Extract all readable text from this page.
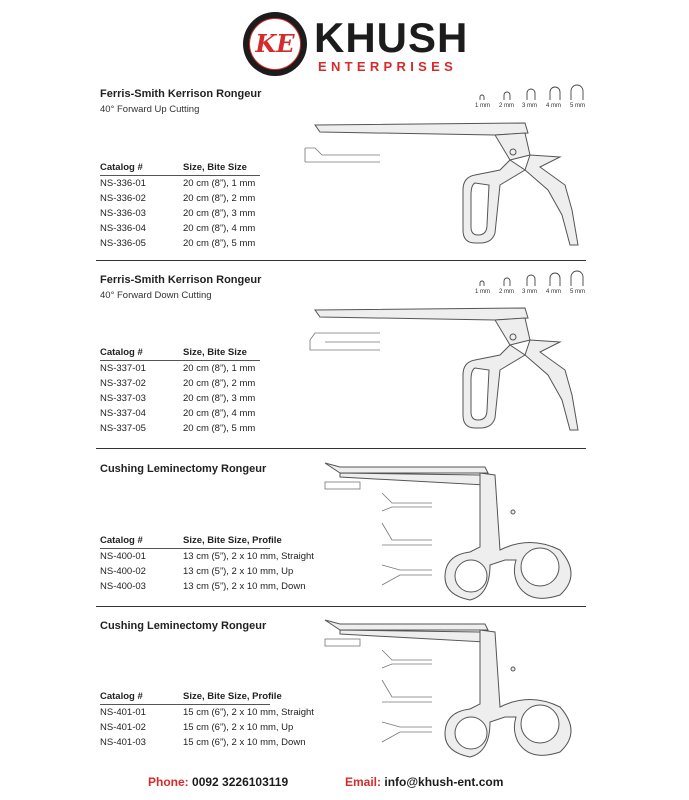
KE KHUSH
ENTERPRISES
Ferris-Smith Kerrison Rongeur
40° Forward Up Cutting
Catalog #	Size, Bite Size
NS-336-01	20 cm (8”), 1 mm
NS-336-02	20 cm (8”), 2 mm
NS-336-03	20 cm (8”), 3 mm
NS-336-04	20 cm (8”), 4 mm
NS-336-05	20 cm (8”), 5 mm
1 mm 2 mm 3 mm 4 mm 5 mm
Ferris-Smith Kerrison Rongeur
40° Forward Down Cutting
Catalog #	Size, Bite Size
NS-337-01	20 cm (8”), 1 mm
NS-337-02	20 cm (8”), 2 mm
NS-337-03	20 cm (8”), 3 mm
NS-337-04	20 cm (8”), 4 mm
NS-337-05	20 cm (8”), 5 mm
1 mm 2 mm 3 mm 4 mm 5 mm
Cushing Leminectomy Rongeur
Catalog #	Size, Bite Size, Profile
NS-400-01	13 cm (5”), 2 x 10 mm, Straight
NS-400-02	13 cm (5”), 2 x 10 mm, Up
NS-400-03	13 cm (5”), 2 x 10 mm, Down
Cushing Leminectomy Rongeur
Catalog #	Size, Bite Size, Profile
NS-401-01	15 cm (6”), 2 x 10 mm, Straight
NS-401-02	15 cm (6”), 2 x 10 mm, Up
NS-401-03	15 cm (6”), 2 x 10 mm, Down
Phone: 0092 3226103119	Email: info@khush-ent.com
